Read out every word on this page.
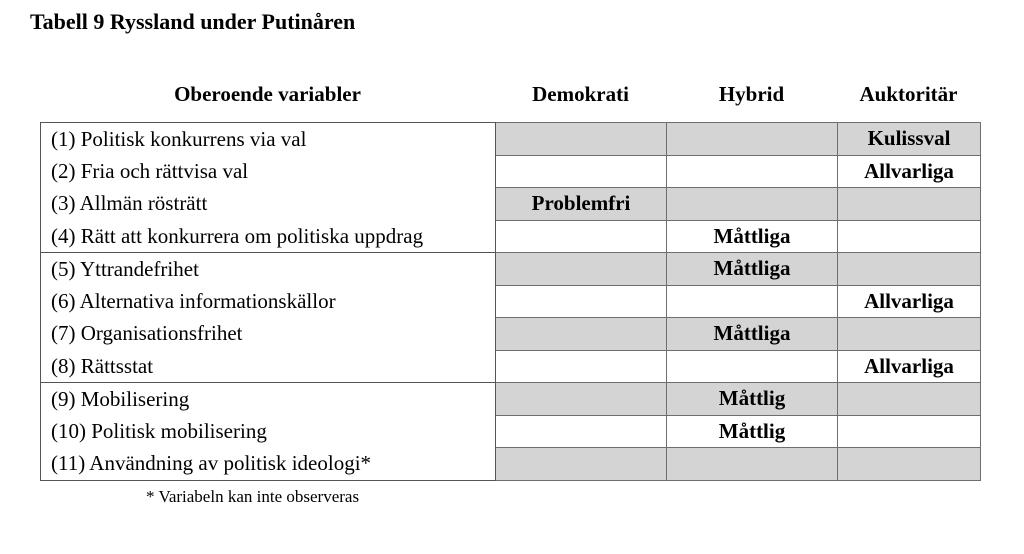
Tabell 9 Ryssland under Putinåren
Oberoende variabler	Demokrati	Hybrid	Auktoritär
(1) Politisk konkurrens via val			Kulissval
(2) Fria och rättvisa val			Allvarliga
(3) Allmän rösträtt	Problemfri		
(4) Rätt att konkurrera om politiska uppdrag		Måttliga	
(5) Yttrandefrihet		Måttliga	
(6) Alternativa informationskällor			Allvarliga
(7) Organisationsfrihet		Måttliga	
(8) Rättsstat			Allvarliga
(9) Mobilisering		Måttlig	
(10) Politisk mobilisering		Måttlig	
(11) Användning av politisk ideologi*			
* Variabeln kan inte observeras
